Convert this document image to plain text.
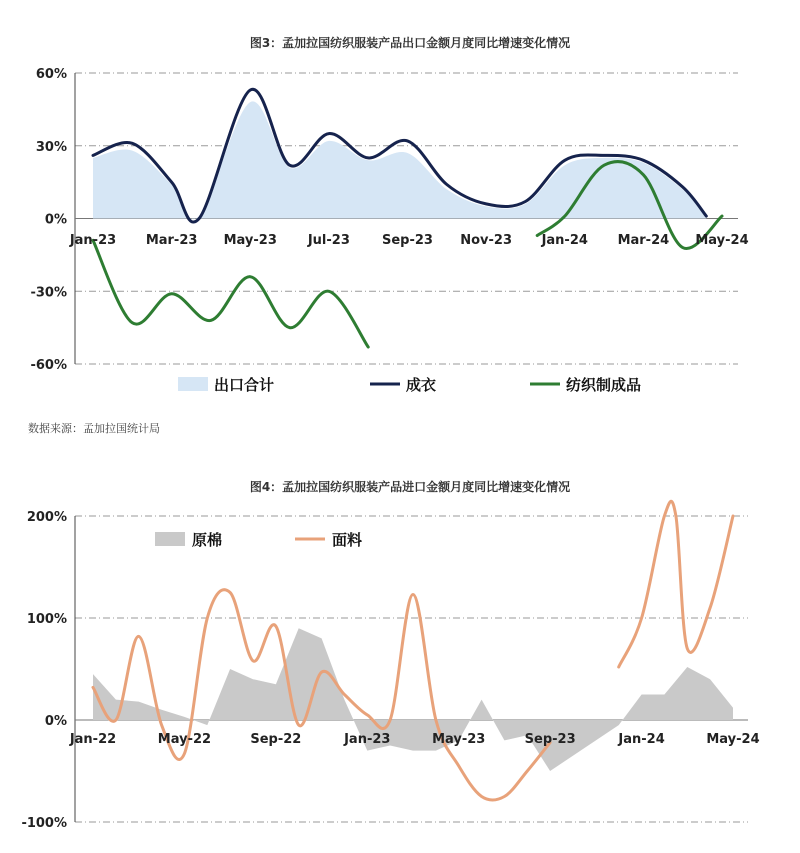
图3：孟加拉国纺织服装产品出口金额月度同比增速变化情况
60%
30%
0%
-30%
-60%
Jan-23 Mar-23 May-23 Jul-23 Sep-23 Nov-23 Jan-24 Mar-24 May-24
出口合计	成衣	纺织制成品
数据来源：孟加拉国统计局
图4：孟加拉国纺织服装产品进口金额月度同比增速变化情况
200%
100%
0%
-100%
Jan-22	May-22	Sep-22	Jan-23	May-23	Sep-23	Jan-24	May-24
原棉	面料
